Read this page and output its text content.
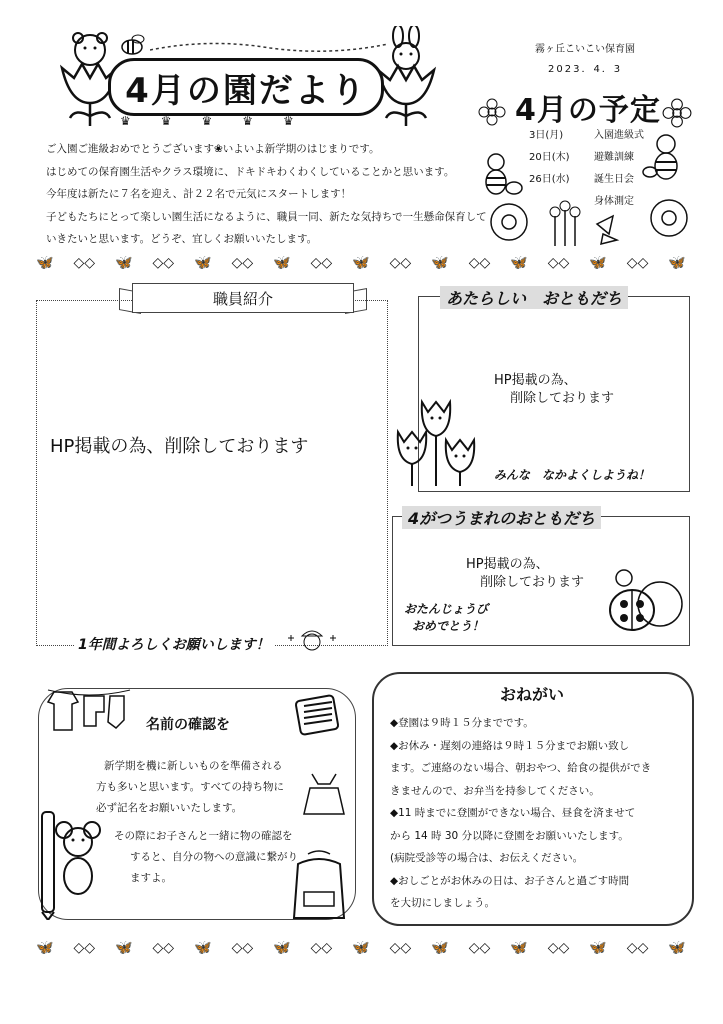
4月の園だより
♛♛♛♛♛
霧ヶ丘こいこい保育園
2023．4．3
ご入園ご進級おめでとうございます❀いよいよ新学期のはじまりです。
はじめての保育園生活やクラス環境に、ドキドキわくわくしていることかと思います。
今年度は新たに７名を迎え、計２２名で元気にスタートします！
子どもたちにとって楽しい園生活になるように、職員一同、新たな気持ちで一生懸命保育して
いきたいと思います。どうぞ、宜しくお願いいたします。
4月の予定
3日(月)	入園進級式
20日(木) 避難訓練
26日(水) 誕生日会
身体測定
🦋 ◇◇ 🦋 ◇◇ 🦋 ◇◇ 🦋 ◇◇ 🦋 ◇◇ 🦋 ◇◇ 🦋 ◇◇ 🦋 ◇◇ 🦋
職員紹介
HP掲載の為、削除しております
1年間よろしくお願いします！
あたらしい　おともだち
HP掲載の為、
削除しております
みんな　なかよくしようね！
4がつうまれのおともだち
HP掲載の為、
削除しております
おたんじょうび
おめでとう！
名前の確認を
新学期を機に新しいものを準備される
方も多いと思います。すべての持ち物に
必ず記名をお願いいたします。
その際にお子さんと一緒に物の確認を
すると、自分の物への意識に繋がり
ますよ。
おねがい
◆登園は９時１５分までです。
◆お休み・遅刻の連絡は９時１５分までお願い致し
ます。ご連絡のない場合、朝おやつ、給食の提供ができ
きませんので、お弁当を持参してください。
◆11 時までに登園ができない場合、昼食を済ませて
から 14 時 30 分以降に登園をお願いいたします。
(病院受診等の場合は、お伝えください。
◆おしごとがお休みの日は、お子さんと過ごす時間
を大切にしましょう。
🦋 ◇◇ 🦋 ◇◇ 🦋 ◇◇ 🦋 ◇◇ 🦋 ◇◇ 🦋 ◇◇ 🦋 ◇◇ 🦋 ◇◇ 🦋
